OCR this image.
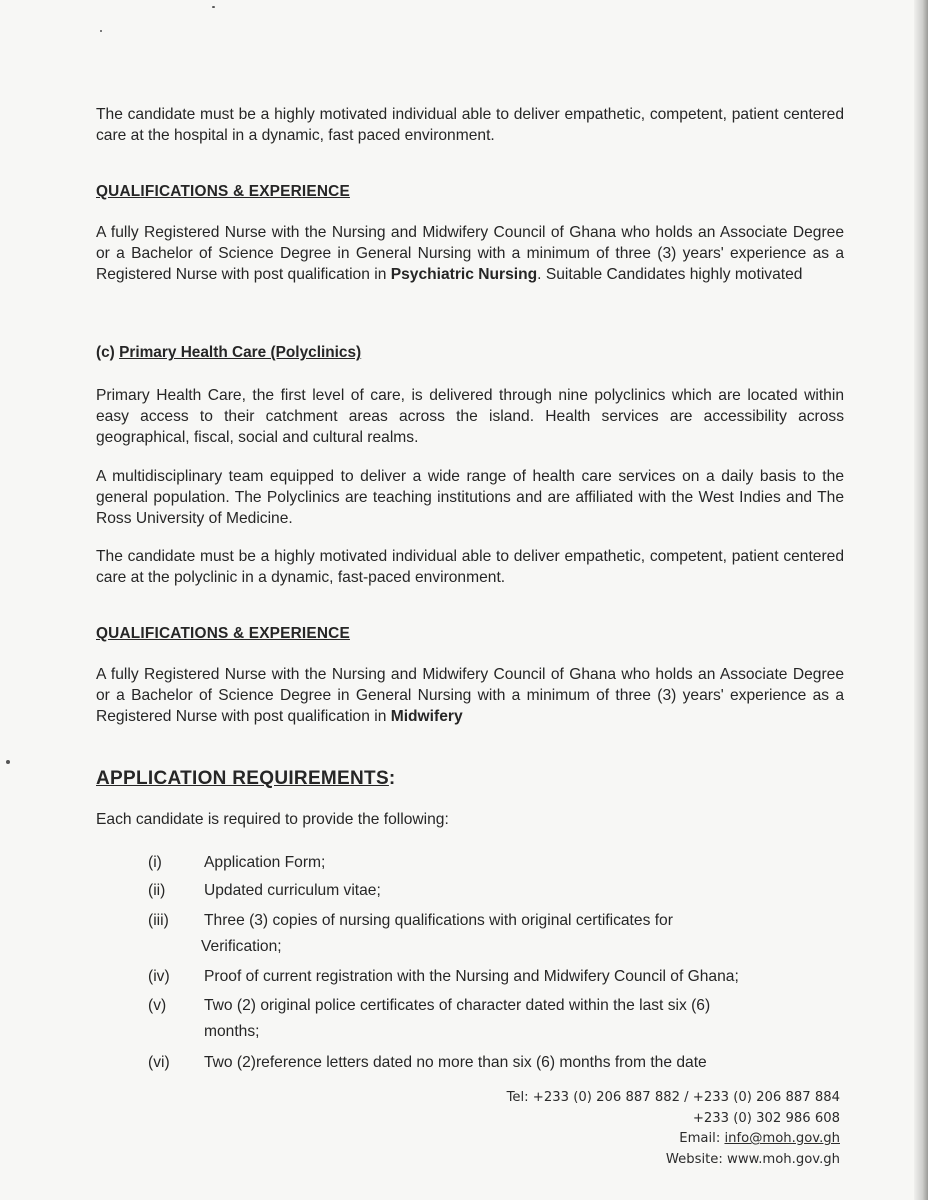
The candidate must be a highly motivated individual able to deliver empathetic, competent, patient centered care at the hospital in a dynamic, fast paced environment.

QUALIFICATIONS & EXPERIENCE

A fully Registered Nurse with the Nursing and Midwifery Council of Ghana who holds an Associate Degree or a Bachelor of Science Degree in General Nursing with a minimum of three (3) years' experience as a Registered Nurse with post qualification in Psychiatric Nursing. Suitable Candidates highly motivated

(c) Primary Health Care (Polyclinics)

Primary Health Care, the first level of care, is delivered through nine polyclinics which are located within easy access to their catchment areas across the island. Health services are accessibility across geographical, fiscal, social and cultural realms.

A multidisciplinary team equipped to deliver a wide range of health care services on a daily basis to the general population. The Polyclinics are teaching institutions and are affiliated with the West Indies and The Ross University of Medicine.

The candidate must be a highly motivated individual able to deliver empathetic, competent, patient centered care at the polyclinic in a dynamic, fast-paced environment.

QUALIFICATIONS & EXPERIENCE

A fully Registered Nurse with the Nursing and Midwifery Council of Ghana who holds an Associate Degree or a Bachelor of Science Degree in General Nursing with a minimum of three (3) years' experience as a Registered Nurse with post qualification in Midwifery

APPLICATION REQUIREMENTS:

Each candidate is required to provide the following:

(i)	Application Form;
(ii)	Updated curriculum vitae;
(iii)	Three (3) copies of nursing qualifications with original certificates for
Verification;
(iv)	Proof of current registration with the Nursing and Midwifery Council of Ghana;
(v)	Two (2) original police certificates of character dated within the last six (6)
months;
(vi)	Two (2)reference letters dated no more than six (6) months from the date
Tel: +233 (0) 206 887 882 / +233 (0) 206 887 884
+233 (0) 302 986 608
Email: info@moh.gov.gh
Website: www.moh.gov.gh
